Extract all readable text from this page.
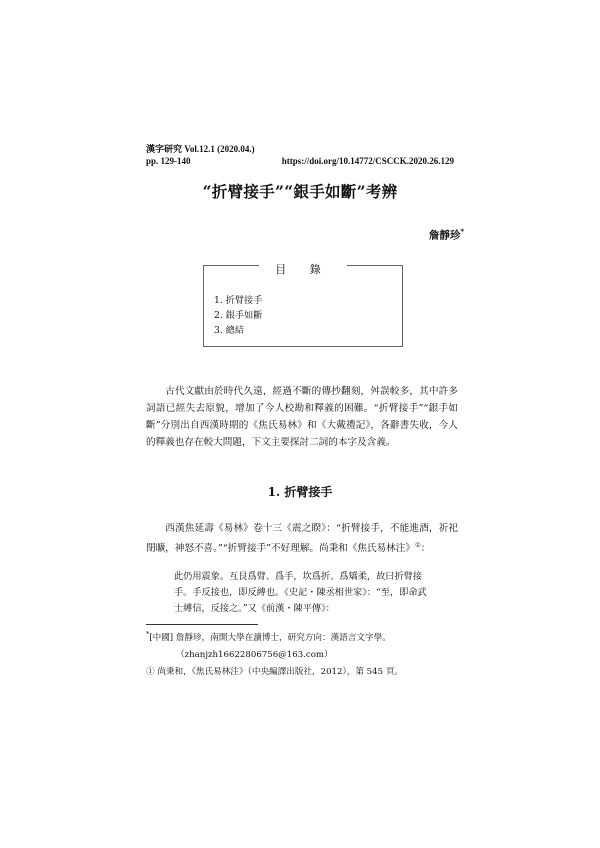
漢字研究 Vol.12.1 (2020.04.)
pp. 129-140	https://doi.org/10.14772/CSCCK.2020.26.129
“折臂接手”“銀手如斷”考辨
詹靜珍*
目 錄
1. 折臂接手
2. 銀手如斷
3. 總結

古代文獻由於時代久遠，經過不斷的傳抄翻刻，舛誤較多，其中許多詞語已經失去原貌，增加了今人校勘和釋義的困難。“折臂接手”“銀手如斷”分別出自西漢時期的《焦氏易林》和《大戴禮記》，各辭書失收，今人的釋義也存在較大問題，下文主要探討二詞的本字及含義。

1. 折臂接手

西漢焦延壽《易林》卷十三《震之睽》：“折臂接手，不能進酒，祈祀閉曠，神怒不喜。”“折臂接手”不好理解。尚秉和《焦氏易林注》①：

此仍用震象。互艮爲臂、爲手，坎爲折、爲矯柔，故曰折臂接手。手反接也，即反縛也。《史記・陳丞相世家》：“至，即命武士縛信，反接之。”又《前漢・陳平傳》：

*[中國] 詹靜珍，南開大學在讀博士，研究方向：漢語言文字學。
（zhanjzh16622806756@163.com）
① 尚秉和，《焦氏易林注》（中央編譯出版社，2012），第 545 頁。
